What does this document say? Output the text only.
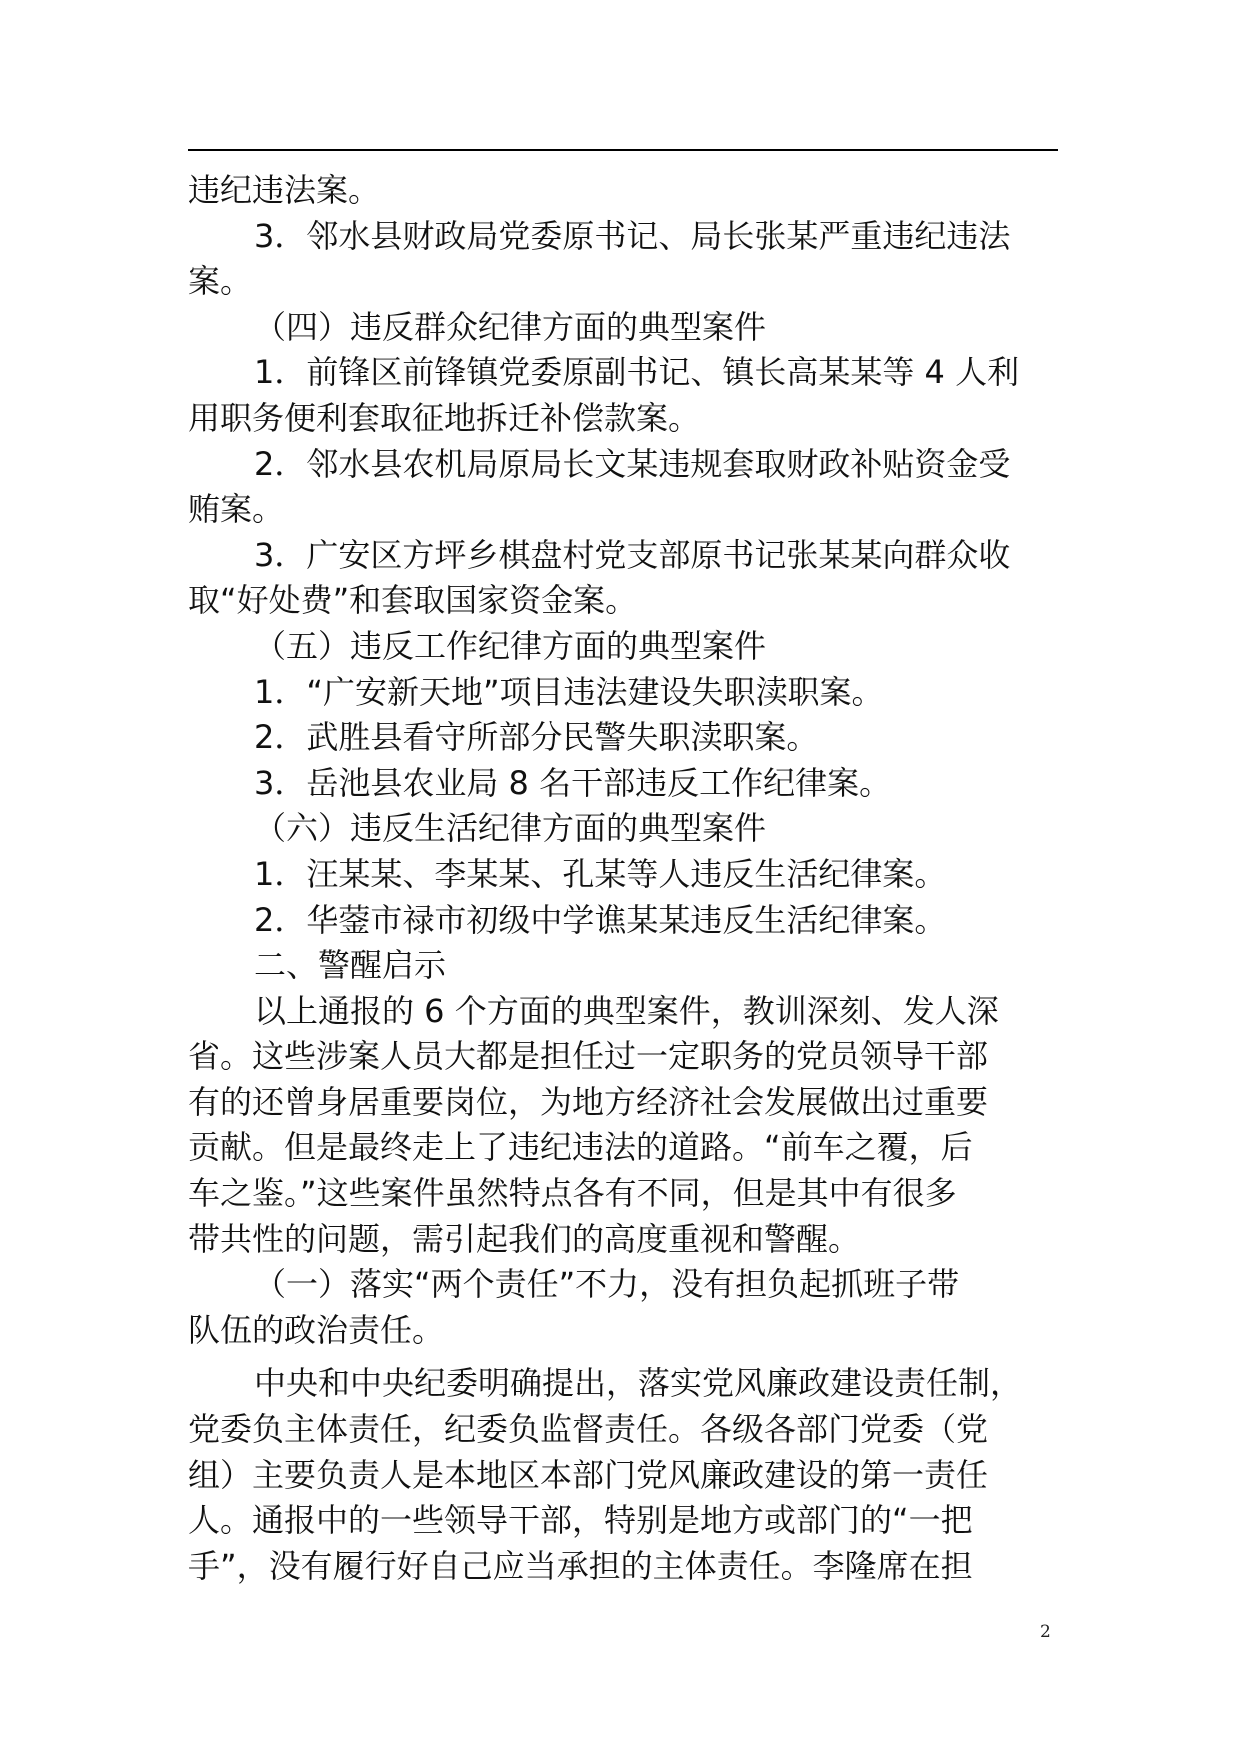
违纪违法案。

3．邻水县财政局党委原书记、局长张某严重违纪违法

案。

（四）违反群众纪律方面的典型案件

1．前锋区前锋镇党委原副书记、镇长高某某等 4 人利

用职务便利套取征地拆迁补偿款案。

2．邻水县农机局原局长文某违规套取财政补贴资金受

贿案。

3．广安区方坪乡棋盘村党支部原书记张某某向群众收

取“好处费”和套取国家资金案。

（五）违反工作纪律方面的典型案件

1．“广安新天地”项目违法建设失职渎职案。

2．武胜县看守所部分民警失职渎职案。

3．岳池县农业局 8 名干部违反工作纪律案。

（六）违反生活纪律方面的典型案件

1．汪某某、李某某、孔某等人违反生活纪律案。

2．华蓥市禄市初级中学谯某某违反生活纪律案。

二、警醒启示

以上通报的 6 个方面的典型案件，教训深刻、发人深

省。这些涉案人员大都是担任过一定职务的党员领导干部

有的还曾身居重要岗位，为地方经济社会发展做出过重要

贡献。但是最终走上了违纪违法的道路。“前车之覆，后

车之鉴。”这些案件虽然特点各有不同，但是其中有很多

带共性的问题，需引起我们的高度重视和警醒。

（一）落实“两个责任”不力，没有担负起抓班子带

队伍的政治责任。

中央和中央纪委明确提出，落实党风廉政建设责任制，

党委负主体责任，纪委负监督责任。各级各部门党委（党

组）主要负责人是本地区本部门党风廉政建设的第一责任

人。通报中的一些领导干部，特别是地方或部门的“一把

手”，没有履行好自己应当承担的主体责任。李隆席在担

2
